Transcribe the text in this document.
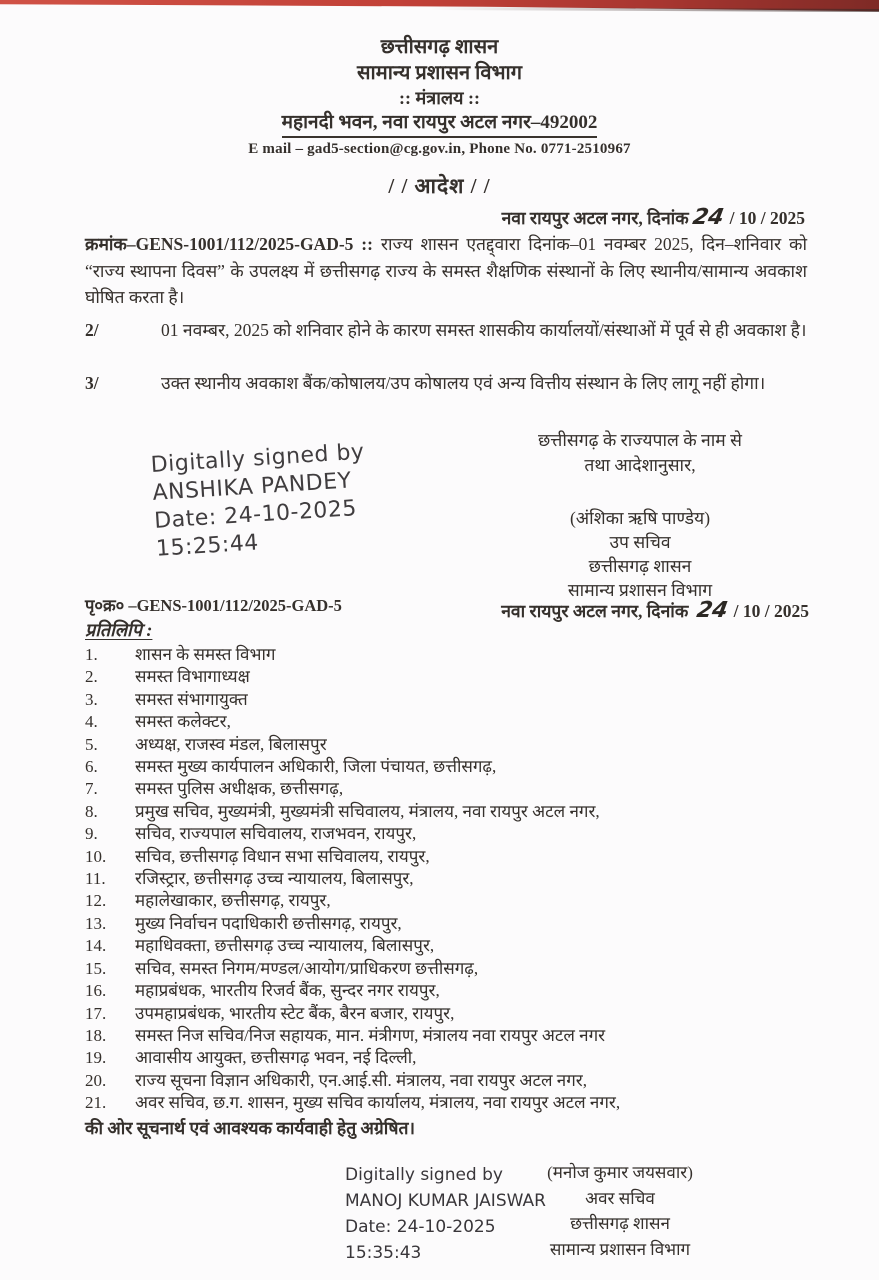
छत्तीसगढ़ शासन
सामान्य प्रशासन विभाग
:: मंत्रालय ::
महानदी भवन, नवा रायपुर अटल नगर–492002
E mail – gad5-section@cg.gov.in, Phone No. 0771-2510967
/ / आदेश / /
नवा रायपुर अटल नगर, दिनांक24 / 10 / 2025
क्रमांक–GENS-1001/112/2025-GAD-5 :: राज्य शासन एतद्द्वारा दिनांक–01 नवम्बर 2025, दिन–शनिवार को “राज्य स्थापना दिवस” के उपलक्ष्य में छत्तीसगढ़ राज्य के समस्त शैक्षणिक संस्थानों के लिए स्थानीय/सामान्य अवकाश घोषित करता है।
2/	01 नवम्बर, 2025 को शनिवार होने के कारण समस्त शासकीय कार्यालयों/संस्थाओं में पूर्व से ही अवकाश है।
3/	उक्त स्थानीय अवकाश बैंक/कोषालय/उप कोषालय एवं अन्य वित्तीय संस्थान के लिए लागू नहीं होगा।
छत्तीसगढ़ के राज्यपाल के नाम से
तथा आदेशानुसार,
Digitally signed by
ANSHIKA PANDEY
Date: 24-10-2025
15:25:44
(अंशिका ऋषि पाण्डेय)
उप सचिव
छत्तीसगढ़ शासन
सामान्य प्रशासन विभाग
पृ०क्र० –GENS-1001/112/2025-GAD-5	नवा रायपुर अटल नगर, दिनांक 24 / 10 / 2025
प्रतिलिपि :
1.	शासन के समस्त विभाग
2.	समस्त विभागाध्यक्ष
3.	समस्त संभागायुक्त
4.	समस्त कलेक्टर,
5.	अध्यक्ष, राजस्व मंडल, बिलासपुर
6.	समस्त मुख्य कार्यपालन अधिकारी, जिला पंचायत, छत्तीसगढ़,
7.	समस्त पुलिस अधीक्षक, छत्तीसगढ़,
8.	प्रमुख सचिव, मुख्यमंत्री, मुख्यमंत्री सचिवालय, मंत्रालय, नवा रायपुर अटल नगर,
9.	सचिव, राज्यपाल सचिवालय, राजभवन, रायपुर,
10.	सचिव, छत्तीसगढ़ विधान सभा सचिवालय, रायपुर,
11.	रजिस्ट्रार, छत्तीसगढ़ उच्च न्यायालय, बिलासपुर,
12.	महालेखाकार, छत्तीसगढ़, रायपुर,
13.	मुख्य निर्वाचन पदाधिकारी छत्तीसगढ़, रायपुर,
14.	महाधिवक्ता, छत्तीसगढ़ उच्च न्यायालय, बिलासपुर,
15.	सचिव, समस्त निगम/मण्डल/आयोग/प्राधिकरण छत्तीसगढ़,
16.	महाप्रबंधक, भारतीय रिजर्व बैंक, सुन्दर नगर रायपुर,
17.	उपमहाप्रबंधक, भारतीय स्टेट बैंक, बैरन बजार, रायपुर,
18.	समस्त निज सचिव/निज सहायक, मान. मंत्रीगण, मंत्रालय नवा रायपुर अटल नगर
19.	आवासीय आयुक्त, छत्तीसगढ़ भवन, नई दिल्ली,
20.	राज्य सूचना विज्ञान अधिकारी, एन.आई.सी. मंत्रालय, नवा रायपुर अटल नगर,
21.	अवर सचिव, छ.ग. शासन, मुख्य सचिव कार्यालय, मंत्रालय, नवा रायपुर अटल नगर,
की ओर सूचनार्थ एवं आवश्यक कार्यवाही हेतु अग्रेषित।
Digitally signed by
MANOJ KUMAR JAISWAR
Date: 24-10-2025
15:35:43
(मनोज कुमार जयसवार)
अवर सचिव
छत्तीसगढ़ शासन
सामान्य प्रशासन विभाग
